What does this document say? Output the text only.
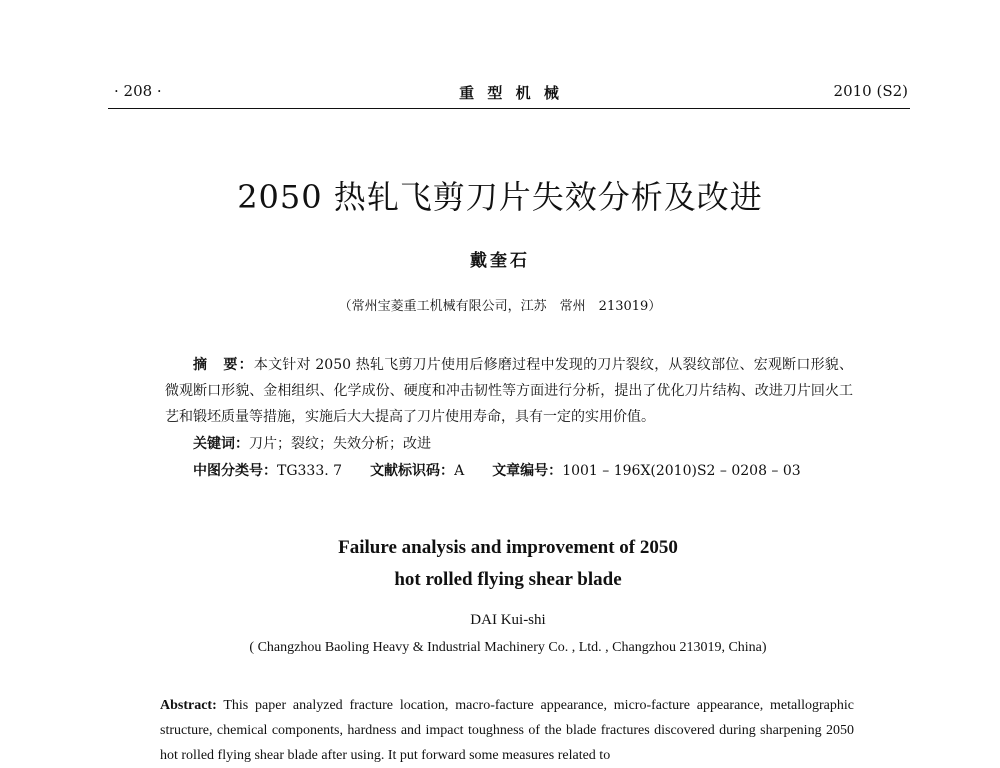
· 208 ·	重 型 机 械	2010 (S2)
2050 热轧飞剪刀片失效分析及改进
戴奎石
（常州宝菱重工机械有限公司，江苏　常州　213019）
摘　要：本文针对 2050 热轧飞剪刀片使用后修磨过程中发现的刀片裂纹，从裂纹部位、宏观断口形貌、微观断口形貌、金相组织、化学成份、硬度和冲击韧性等方面进行分析，提出了优化刀片结构、改进刀片回火工艺和锻坯质量等措施，实施后大大提高了刀片使用寿命，具有一定的实用价值。
关键词：刀片；裂纹；失效分析；改进
中图分类号：TG333. 7 文献标识码：A 文章编号：1001 – 196X(2010)S2 – 0208 – 03
Failure analysis and improvement of 2050
hot rolled flying shear blade
DAI Kui-shi
( Changzhou Baoling Heavy & Industrial Machinery Co. , Ltd. , Changzhou 213019, China)
Abstract: This paper analyzed fracture location, macro-facture appearance, micro-facture appearance, metallographic structure, chemical components, hardness and impact toughness of the blade fractures discovered during sharpening 2050 hot rolled flying shear blade after using. It put forward some measures related to
